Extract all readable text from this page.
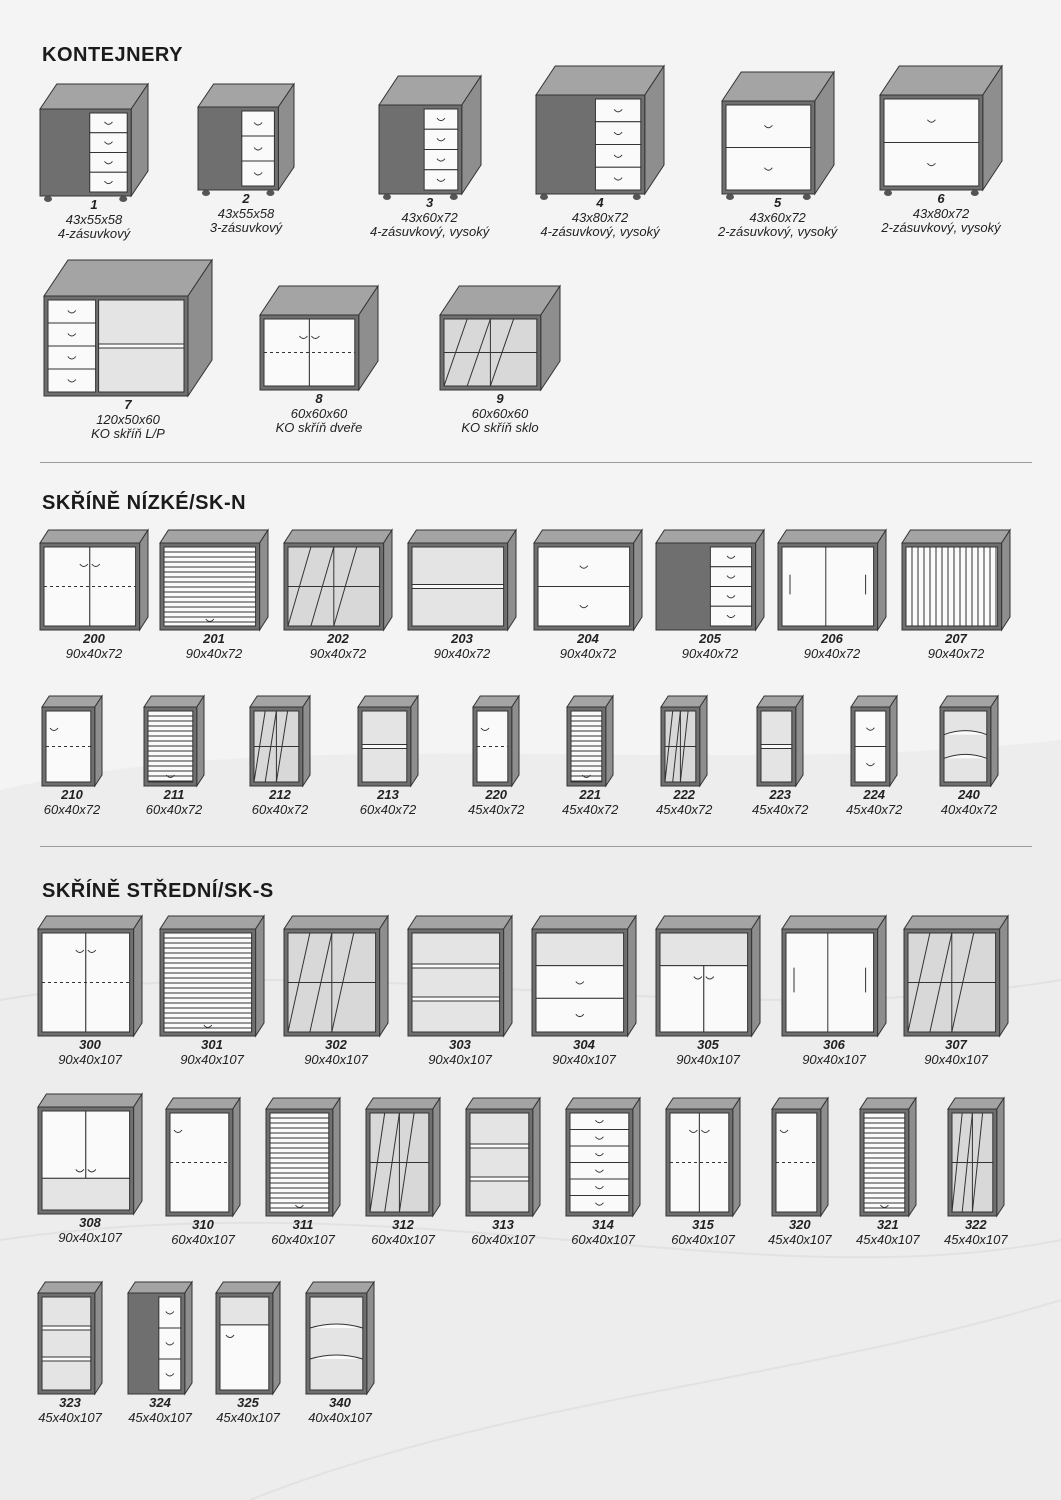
KONTEJNERY
SKŘÍNĚ NÍZKÉ/SK-N
SKŘÍNĚ STŘEDNÍ/SK-S
1
43x55x58
4-zásuvkový
2
43x55x58
3-zásuvkový
3
43x60x72
4-zásuvkový, vysoký
4
43x80x72
4-zásuvkový, vysoký
5
43x60x72
2-zásuvkový, vysoký
6
43x80x72
2-zásuvkový, vysoký
7
120x50x60
KO skříň L/P
8
60x60x60
KO skříň dveře
9
60x60x60
KO skříň sklo
200
90x40x72
201
90x40x72
202
90x40x72
203
90x40x72
204
90x40x72
205
90x40x72
206
90x40x72
207
90x40x72
210
60x40x72
211
60x40x72
212
60x40x72
213
60x40x72
220
45x40x72
221
45x40x72
222
45x40x72
223
45x40x72
224
45x40x72
240
40x40x72
300
90x40x107
301
90x40x107
302
90x40x107
303
90x40x107
304
90x40x107
305
90x40x107
306
90x40x107
307
90x40x107
308
90x40x107
310
60x40x107
311
60x40x107
312
60x40x107
313
60x40x107
314
60x40x107
315
60x40x107
320
45x40x107
321
45x40x107
322
45x40x107
323
45x40x107
324
45x40x107
325
45x40x107
340
40x40x107
